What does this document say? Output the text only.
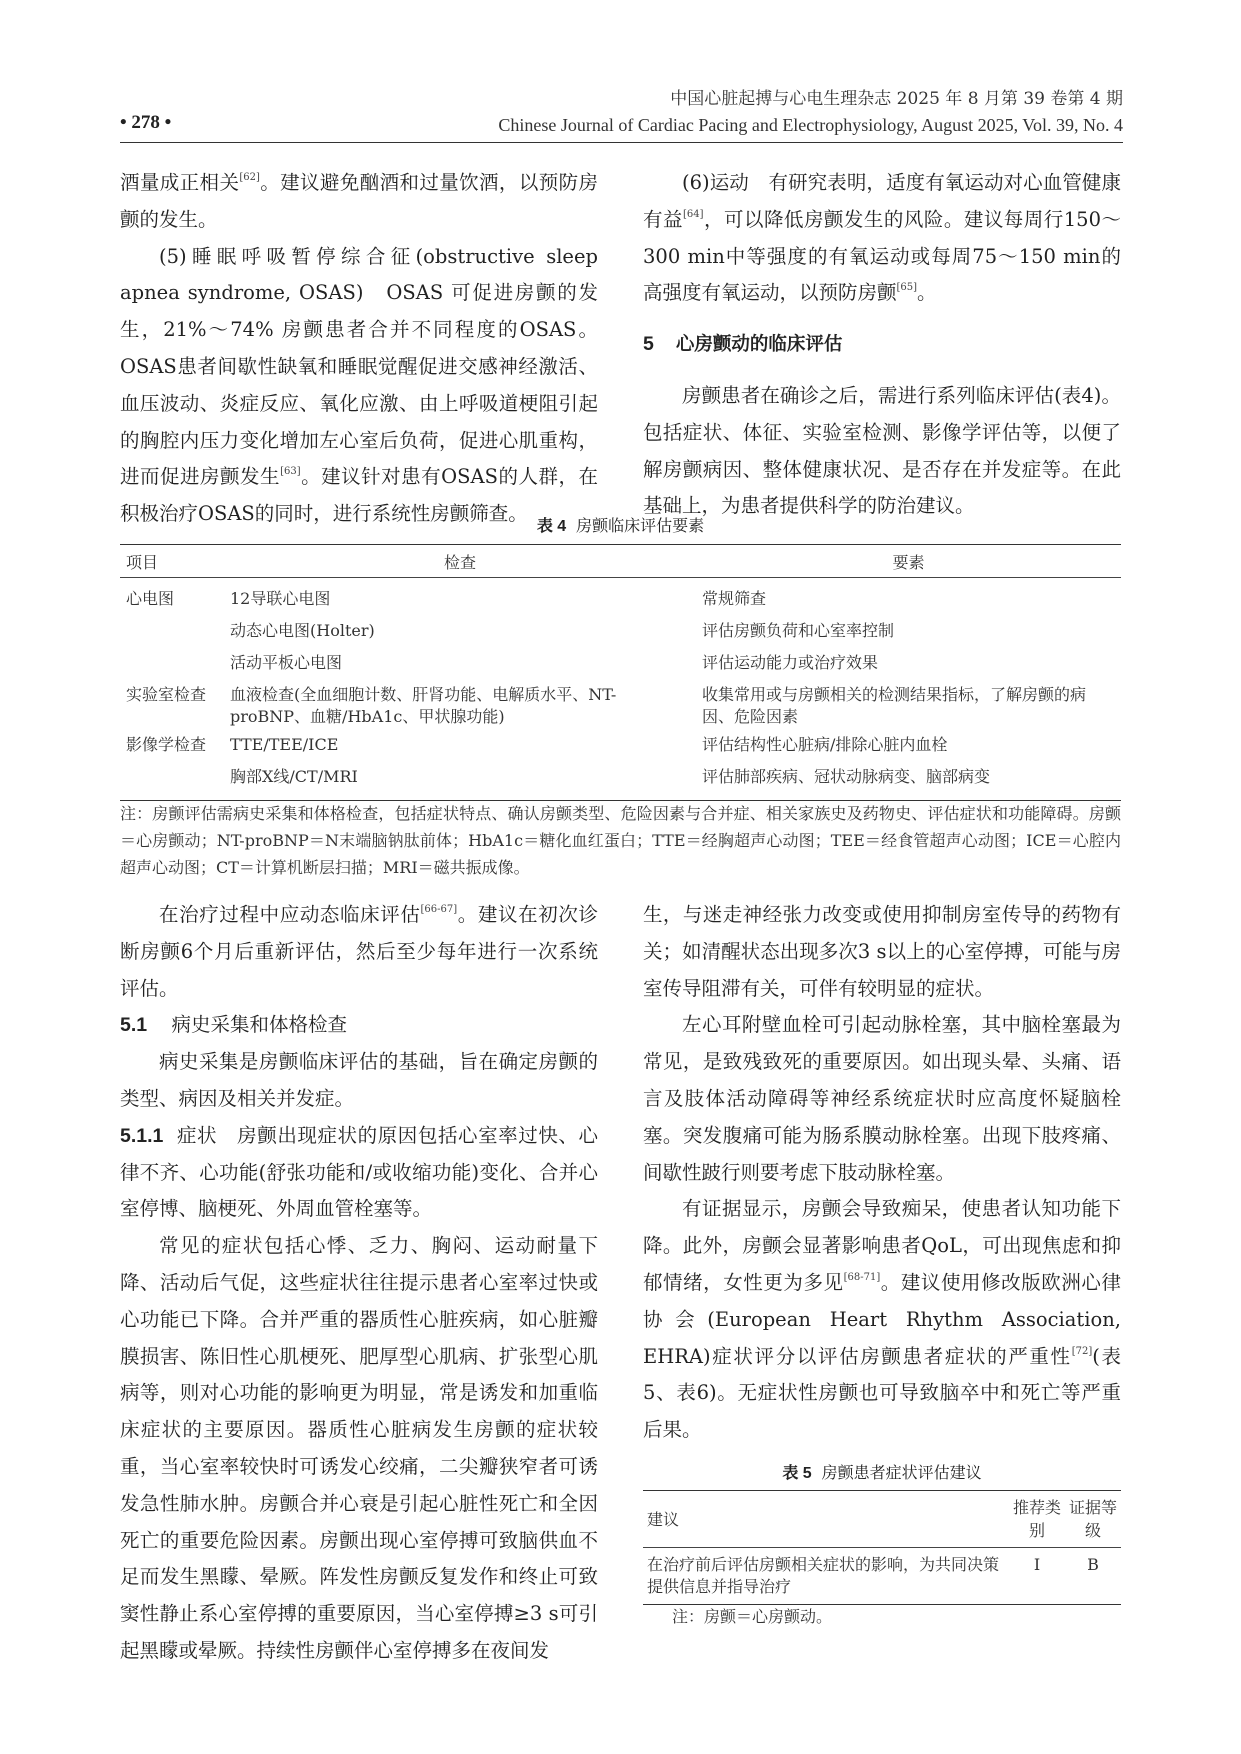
中国心脏起搏与心电生理杂志 2025 年 8 月第 39 卷第 4 期
Chinese Journal of Cardiac Pacing and Electrophysiology, August 2025, Vol. 39, No. 4
• 278 •

酒量成正相关[62]。建议避免酗酒和过量饮酒，以预防房颤的发生。

(5)睡眠呼吸暂停综合征(obstructive sleep apnea syndrome, OSAS)　OSAS 可促进房颤的发生，21%～74% 房颤患者合并不同程度的OSAS。OSAS患者间歇性缺氧和睡眠觉醒促进交感神经激活、血压波动、炎症反应、氧化应激、由上呼吸道梗阻引起的胸腔内压力变化增加左心室后负荷，促进心肌重构，进而促进房颤发生[63]。建议针对患有OSAS的人群，在积极治疗OSAS的同时，进行系统性房颤筛查。

(6)运动　有研究表明，适度有氧运动对心血管健康有益[64]，可以降低房颤发生的风险。建议每周行150～300 min中等强度的有氧运动或每周75～150 min的高强度有氧运动，以预防房颤[65]。

5 心房颤动的临床评估

房颤患者在确诊之后，需进行系列临床评估(表4)。包括症状、体征、实验室检测、影像学评估等，以便了解房颤病因、整体健康状况、是否存在并发症等。在此基础上，为患者提供科学的防治建议。

表 4 房颤临床评估要素
项目	检查	要素
心电图	12导联心电图	常规筛查
	动态心电图(Holter)	评估房颤负荷和心室率控制
	活动平板心电图	评估运动能力或治疗效果
实验室检查	血液检查(全血细胞计数、肝肾功能、电解质水平、NT-proBNP、血糖/HbA1c、甲状腺功能)	收集常用或与房颤相关的检测结果指标，了解房颤的病因、危险因素
影像学检查	TTE/TEE/ICE	评估结构性心脏病/排除心脏内血栓
	胸部X线/CT/MRI	评估肺部疾病、冠状动脉病变、脑部病变
注：房颤评估需病史采集和体格检查，包括症状特点、确认房颤类型、危险因素与合并症、相关家族史及药物史、评估症状和功能障碍。房颤＝心房颤动；NT-proBNP＝N末端脑钠肽前体；HbA1c＝糖化血红蛋白；TTE＝经胸超声心动图；TEE＝经食管超声心动图；ICE＝心腔内超声心动图；CT＝计算机断层扫描；MRI＝磁共振成像。

在治疗过程中应动态临床评估[66-67]。建议在初次诊断房颤6个月后重新评估，然后至少每年进行一次系统评估。

5.1 病史采集和体格检查

病史采集是房颤临床评估的基础，旨在确定房颤的类型、病因及相关并发症。

5.1.1 症状　房颤出现症状的原因包括心室率过快、心律不齐、心功能(舒张功能和/或收缩功能)变化、合并心室停博、脑梗死、外周血管栓塞等。

常见的症状包括心悸、乏力、胸闷、运动耐量下降、活动后气促，这些症状往往提示患者心室率过快或心功能已下降。合并严重的器质性心脏疾病，如心脏瓣膜损害、陈旧性心肌梗死、肥厚型心肌病、扩张型心肌病等，则对心功能的影响更为明显，常是诱发和加重临床症状的主要原因。器质性心脏病发生房颤的症状较重，当心室率较快时可诱发心绞痛，二尖瓣狭窄者可诱发急性肺水肿。房颤合并心衰是引起心脏性死亡和全因死亡的重要危险因素。房颤出现心室停搏可致脑供血不足而发生黑矇、晕厥。阵发性房颤反复发作和终止可致窦性静止系心室停搏的重要原因，当心室停搏≥3 s可引起黑矇或晕厥。持续性房颤伴心室停搏多在夜间发

生，与迷走神经张力改变或使用抑制房室传导的药物有关；如清醒状态出现多次3 s以上的心室停搏，可能与房室传导阻滞有关，可伴有较明显的症状。

左心耳附壁血栓可引起动脉栓塞，其中脑栓塞最为常见，是致残致死的重要原因。如出现头晕、头痛、语言及肢体活动障碍等神经系统症状时应高度怀疑脑栓塞。突发腹痛可能为肠系膜动脉栓塞。出现下肢疼痛、间歇性跛行则要考虑下肢动脉栓塞。

有证据显示，房颤会导致痴呆，使患者认知功能下降。此外，房颤会显著影响患者QoL，可出现焦虑和抑郁情绪，女性更为多见[68-71]。建议使用修改版欧洲心律协会(European Heart Rhythm Association, EHRA)症状评分以评估房颤患者症状的严重性[72](表5、表6)。无症状性房颤也可导致脑卒中和死亡等严重后果。

表 5 房颤患者症状评估建议
建议	推荐类别	证据等级
在治疗前后评估房颤相关症状的影响，为共同决策提供信息并指导治疗	Ⅰ	B
注：房颤＝心房颤动。
